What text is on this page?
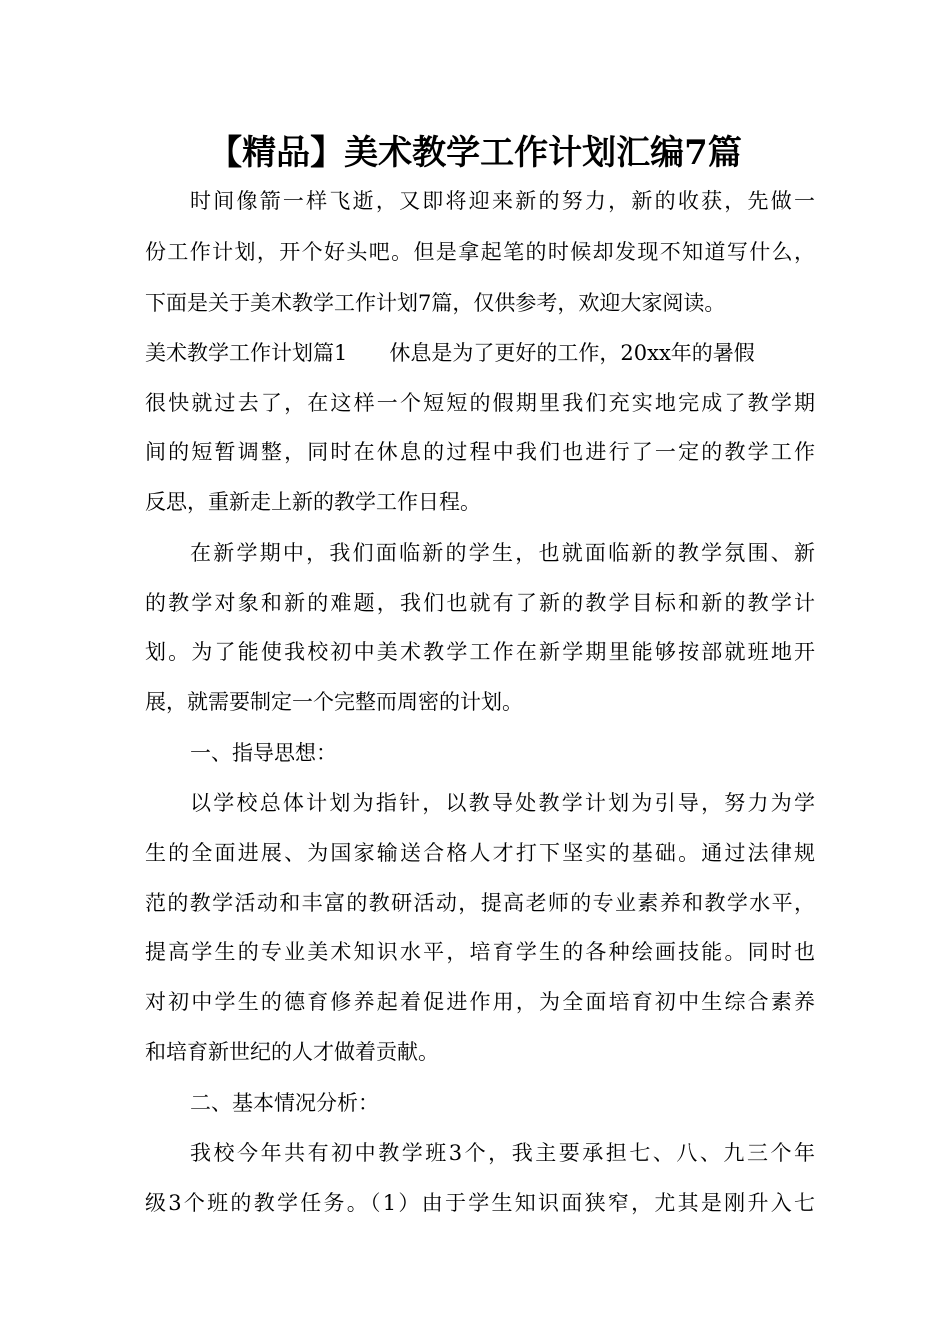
【精品】美术教学工作计划汇编7篇
时间像箭一样飞逝，又即将迎来新的努力，新的收获，先做一
份工作计划，开个好头吧。但是拿起笔的时候却发现不知道写什么，
下面是关于美术教学工作计划7篇，仅供参考，欢迎大家阅读。
美术教学工作计划篇1 休息是为了更好的工作，20xx年的暑假
很快就过去了，在这样一个短短的假期里我们充实地完成了教学期
间的短暂调整，同时在休息的过程中我们也进行了一定的教学工作
反思，重新走上新的教学工作日程。
在新学期中，我们面临新的学生，也就面临新的教学氛围、新
的教学对象和新的难题，我们也就有了新的教学目标和新的教学计
划。为了能使我校初中美术教学工作在新学期里能够按部就班地开
展，就需要制定一个完整而周密的计划。
一、指导思想：
以学校总体计划为指针，以教导处教学计划为引导，努力为学
生的全面进展、为国家输送合格人才打下坚实的基础。通过法律规
范的教学活动和丰富的教研活动，提高老师的专业素养和教学水平，
提高学生的专业美术知识水平，培育学生的各种绘画技能。同时也
对初中学生的德育修养起着促进作用，为全面培育初中生综合素养
和培育新世纪的人才做着贡献。
二、基本情况分析：
我校今年共有初中教学班3个，我主要承担七、八、九三个年
级3个班的教学任务。（1）由于学生知识面狭窄，尤其是刚升入七
